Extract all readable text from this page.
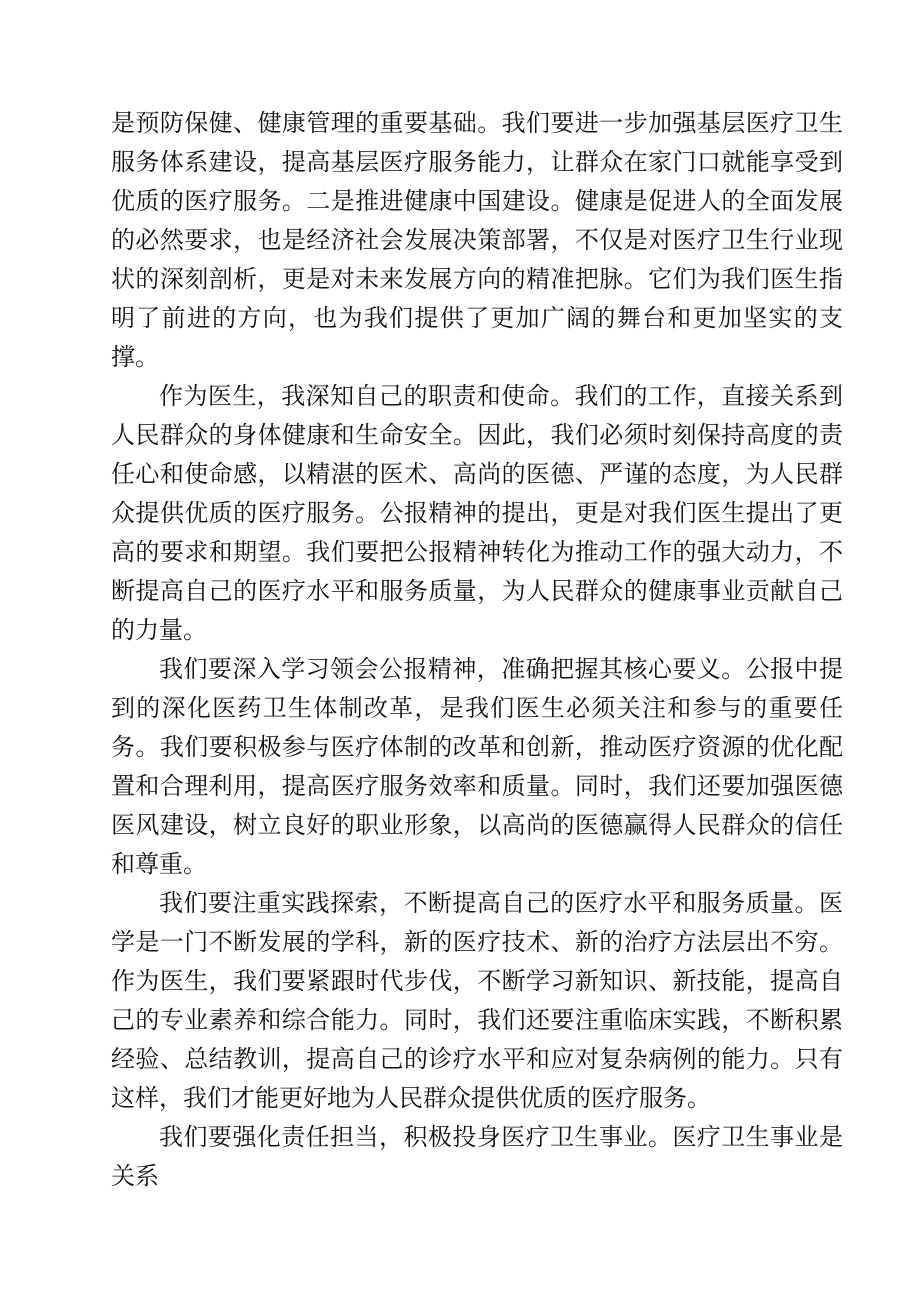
是预防保健、健康管理的重要基础。我们要进一步加强基层医疗卫生服务体系建设，提高基层医疗服务能力，让群众在家门口就能享受到优质的医疗服务。二是推进健康中国建设。健康是促进人的全面发展的必然要求，也是经济社会发展决策部署，不仅是对医疗卫生行业现状的深刻剖析，更是对未来发展方向的精准把脉。它们为我们医生指明了前进的方向，也为我们提供了更加广阔的舞台和更加坚实的支撑。

作为医生，我深知自己的职责和使命。我们的工作，直接关系到人民群众的身体健康和生命安全。因此，我们必须时刻保持高度的责任心和使命感，以精湛的医术、高尚的医德、严谨的态度，为人民群众提供优质的医疗服务。公报精神的提出，更是对我们医生提出了更高的要求和期望。我们要把公报精神转化为推动工作的强大动力，不断提高自己的医疗水平和服务质量，为人民群众的健康事业贡献自己的力量。

我们要深入学习领会公报精神，准确把握其核心要义。公报中提到的深化医药卫生体制改革，是我们医生必须关注和参与的重要任务。我们要积极参与医疗体制的改革和创新，推动医疗资源的优化配置和合理利用，提高医疗服务效率和质量。同时，我们还要加强医德医风建设，树立良好的职业形象，以高尚的医德赢得人民群众的信任和尊重。

我们要注重实践探索，不断提高自己的医疗水平和服务质量。医学是一门不断发展的学科，新的医疗技术、新的治疗方法层出不穷。作为医生，我们要紧跟时代步伐，不断学习新知识、新技能，提高自己的专业素养和综合能力。同时，我们还要注重临床实践，不断积累经验、总结教训，提高自己的诊疗水平和应对复杂病例的能力。只有这样，我们才能更好地为人民群众提供优质的医疗服务。

我们要强化责任担当，积极投身医疗卫生事业。医疗卫生事业是关系
